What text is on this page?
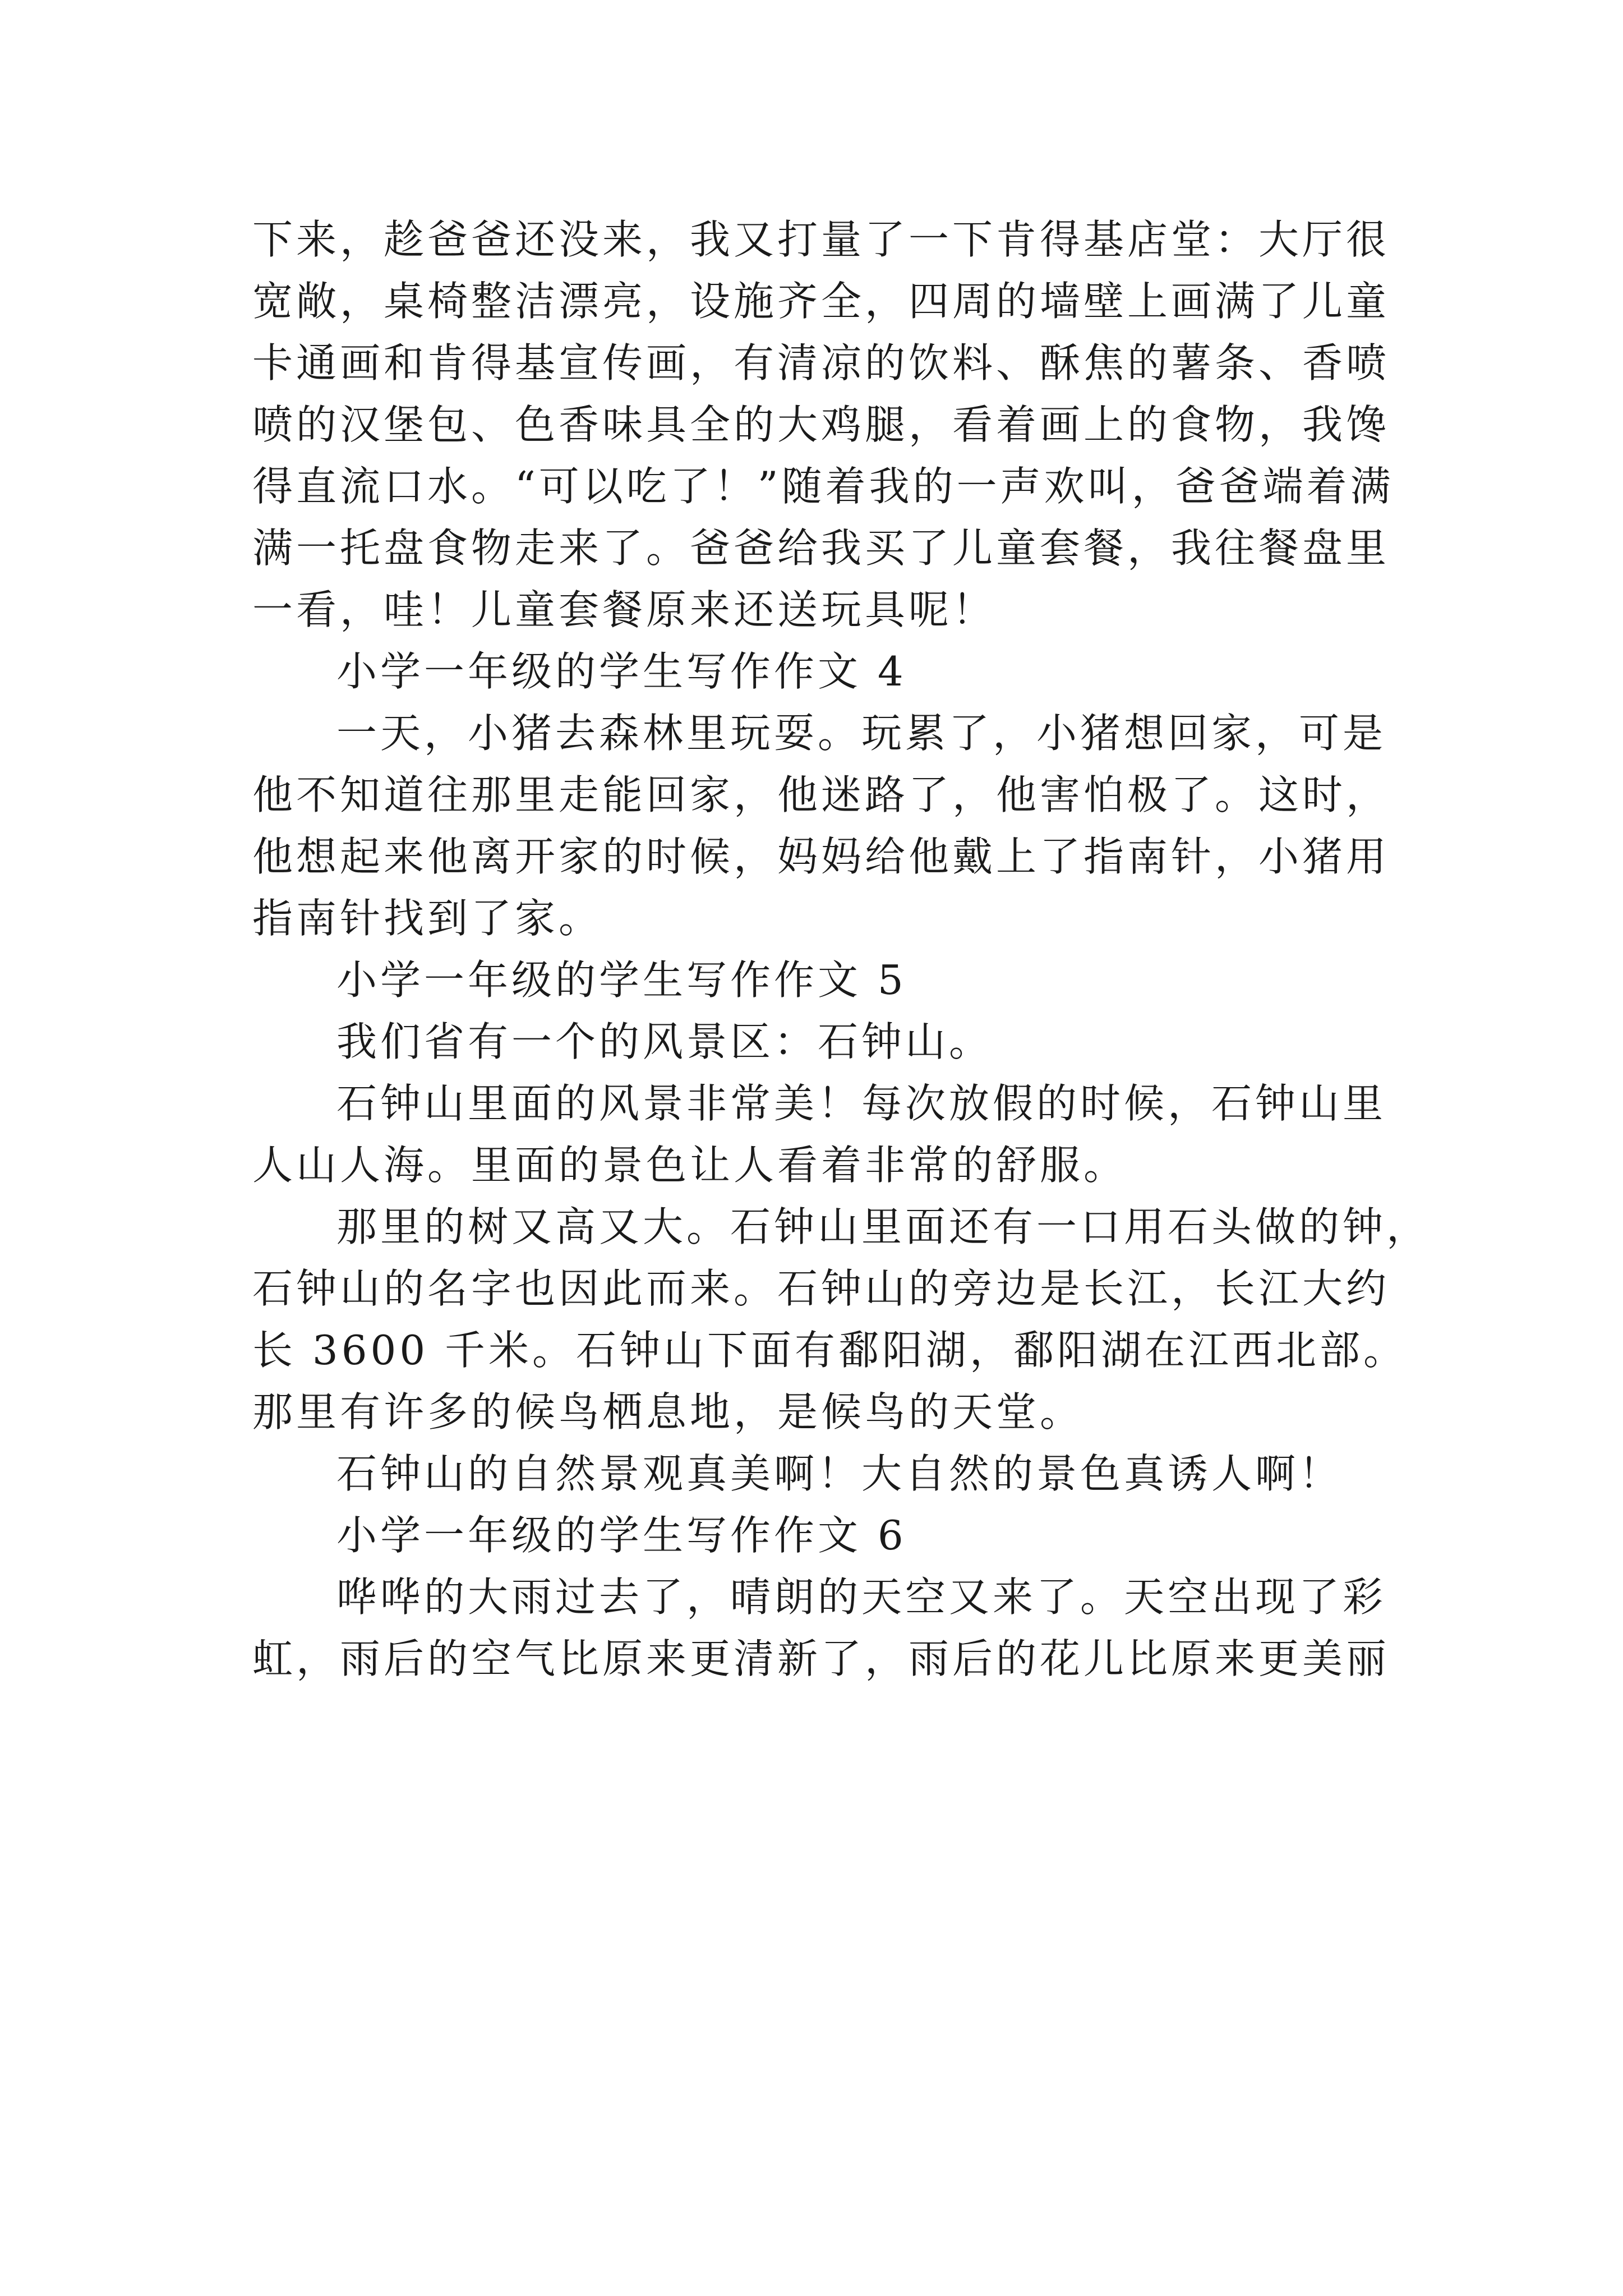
下来，趁爸爸还没来，我又打量了一下肯得基店堂：大厅很
宽敞，桌椅整洁漂亮，设施齐全，四周的墙壁上画满了儿童
卡通画和肯得基宣传画，有清凉的饮料、酥焦的薯条、香喷
喷的汉堡包、色香味具全的大鸡腿，看着画上的食物，我馋
得直流口水。“可以吃了！”随着我的一声欢叫，爸爸端着满
满一托盘食物走来了。爸爸给我买了儿童套餐，我往餐盘里
一看，哇！儿童套餐原来还送玩具呢！
小学一年级的学生写作作文 4
一天，小猪去森林里玩耍。玩累了，小猪想回家，可是
他不知道往那里走能回家，他迷路了，他害怕极了。这时，
他想起来他离开家的时候，妈妈给他戴上了指南针，小猪用
指南针找到了家。
小学一年级的学生写作作文 5
我们省有一个的风景区：石钟山。
石钟山里面的风景非常美！每次放假的时候，石钟山里
人山人海。里面的景色让人看着非常的舒服。
那里的树又高又大。石钟山里面还有一口用石头做的钟，
石钟山的名字也因此而来。石钟山的旁边是长江，长江大约
长 3600 千米。石钟山下面有鄱阳湖，鄱阳湖在江西北部。
那里有许多的候鸟栖息地，是候鸟的天堂。
石钟山的自然景观真美啊！大自然的景色真诱人啊！
小学一年级的学生写作作文 6
哗哗的大雨过去了，晴朗的天空又来了。天空出现了彩
虹，雨后的空气比原来更清新了，雨后的花儿比原来更美丽
